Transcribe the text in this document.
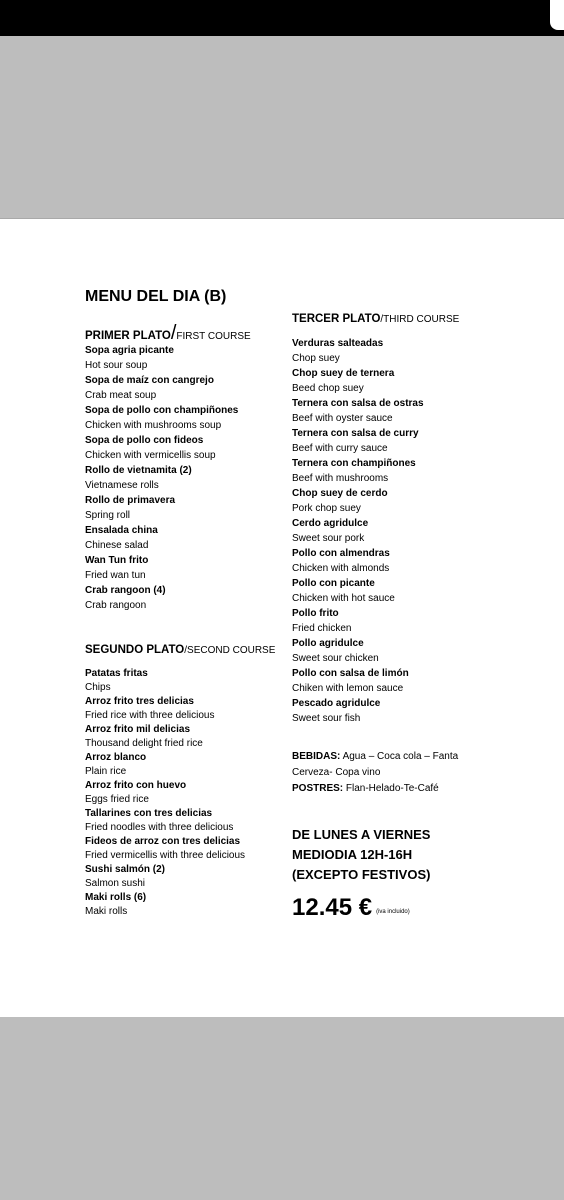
MENU DEL DIA (B)
PRIMER PLATO/FIRST COURSE
Sopa agria picante
Hot sour soup
Sopa de maíz con cangrejo
Crab meat soup
Sopa de pollo con champiñones
Chicken with mushrooms soup
Sopa de pollo con fideos
Chicken with vermicellis soup
Rollo de vietnamita (2)
Vietnamese rolls
Rollo de primavera
Spring roll
Ensalada china
Chinese salad
Wan Tun frito
Fried wan tun
Crab rangoon (4)
Crab rangoon
SEGUNDO PLATO/SECOND COURSE
Patatas fritas
Chips
Arroz frito tres delicias
Fried rice with three delicious
Arroz frito mil delicias
Thousand delight fried rice
Arroz blanco
Plain rice
Arroz frito con huevo
Eggs fried rice
Tallarines con tres delicias
Fried noodles with three delicious
Fideos de arroz con tres delicias
Fried vermicellis with three delicious
Sushi salmón (2)
Salmon sushi
Maki rolls (6)
Maki rolls
TERCER PLATO/THIRD COURSE
Verduras salteadas
Chop suey
Chop suey de ternera
Beed chop suey
Ternera con salsa de ostras
Beef with oyster sauce
Ternera con salsa de curry
Beef with curry sauce
Ternera con champiñones
Beef with mushrooms
Chop suey de cerdo
Pork chop suey
Cerdo agridulce
Sweet sour pork
Pollo con almendras
Chicken with almonds
Pollo con picante
Chicken with hot sauce
Pollo frito
Fried chicken
Pollo agridulce
Sweet sour chicken
Pollo con salsa de limón
Chiken with lemon sauce
Pescado agridulce
Sweet sour fish
BEBIDAS: Agua – Coca cola – Fanta
Cerveza- Copa vino
POSTRES: Flan-Helado-Te-Café
DE LUNES A VIERNES
MEDIODIA 12H-16H
(EXCEPTO FESTIVOS)
12.45 € (iva incluido)
